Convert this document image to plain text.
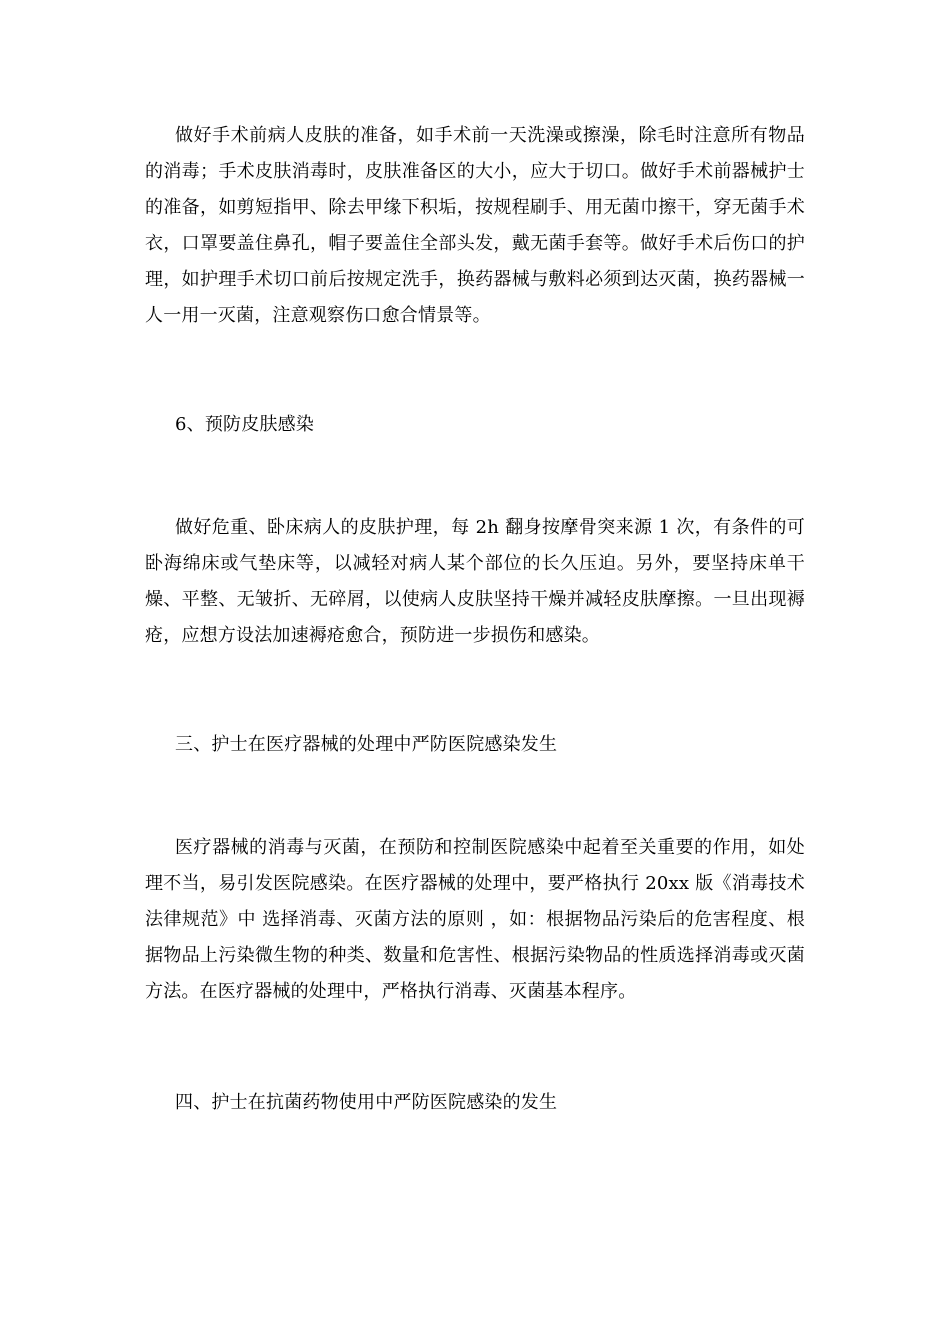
做好手术前病人皮肤的准备，如手术前一天洗澡或擦澡，除毛时注意所有物品的消毒；手术皮肤消毒时，皮肤准备区的大小，应大于切口。做好手术前器械护士的准备，如剪短指甲、除去甲缘下积垢，按规程刷手、用无菌巾擦干，穿无菌手术衣，口罩要盖住鼻孔，帽子要盖住全部头发，戴无菌手套等。做好手术后伤口的护理，如护理手术切口前后按规定洗手，换药器械与敷料必须到达灭菌，换药器械一人一用一灭菌，注意观察伤口愈合情景等。

6、预防皮肤感染

做好危重、卧床病人的皮肤护理，每 2h 翻身按摩骨突来源 1 次，有条件的可卧海绵床或气垫床等，以减轻对病人某个部位的长久压迫。另外，要坚持床单干燥、平整、无皱折、无碎屑，以使病人皮肤坚持干燥并减轻皮肤摩擦。一旦出现褥疮，应想方设法加速褥疮愈合，预防进一步损伤和感染。

三、护士在医疗器械的处理中严防医院感染发生

医疗器械的消毒与灭菌，在预防和控制医院感染中起着至关重要的作用，如处理不当，易引发医院感染。在医疗器械的处理中，要严格执行 20xx 版《消毒技术法律规范》中 选择消毒、灭菌方法的原则 ，如：根据物品污染后的危害程度、根据物品上污染微生物的种类、数量和危害性、根据污染物品的性质选择消毒或灭菌方法。在医疗器械的处理中，严格执行消毒、灭菌基本程序。

四、护士在抗菌药物使用中严防医院感染的发生
